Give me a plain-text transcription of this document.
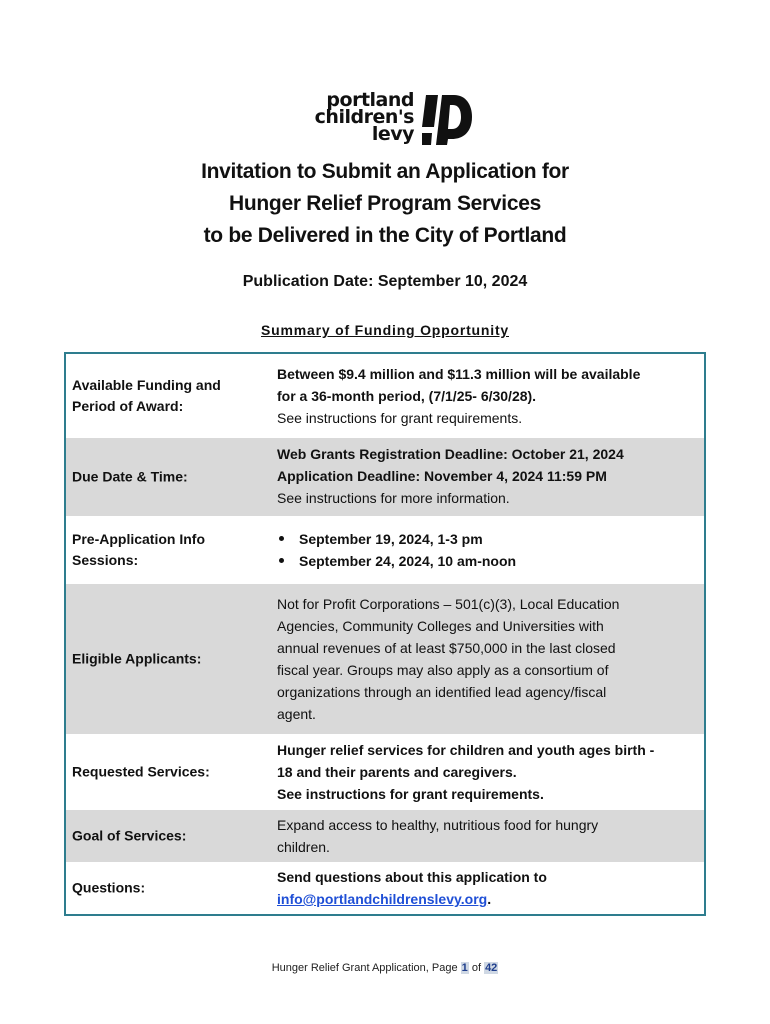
portland
children's
levy
Invitation to Submit an Application for
Hunger Relief Program Services
to be Delivered in the City of Portland
Publication Date: September 10, 2024
Summary of Funding Opportunity
Available Funding and Period of Award:
Between $9.4 million and $11.3 million will be available
for a 36-month period, (7/1/25- 6/30/28).
See instructions for grant requirements.
Due Date & Time:
Web Grants Registration Deadline: October 21, 2024
Application Deadline: November 4, 2024 11:59 PM
See instructions for more information.
Pre-Application Info Sessions:
September 19, 2024, 1-3 pm
September 24, 2024, 10 am-noon
Eligible Applicants:
Not for Profit Corporations – 501(c)(3), Local Education
Agencies, Community Colleges and Universities with
annual revenues of at least $750,000 in the last closed
fiscal year. Groups may also apply as a consortium of
organizations through an identified lead agency/fiscal
agent.
Requested Services:
Hunger relief services for children and youth ages birth -
18 and their parents and caregivers.
See instructions for grant requirements.
Goal of Services:
Expand access to healthy, nutritious food for hungry
children.
Questions:
Send questions about this application to
info@portlandchildrenslevy.org.
Hunger Relief Grant Application, Page 1 of 42
